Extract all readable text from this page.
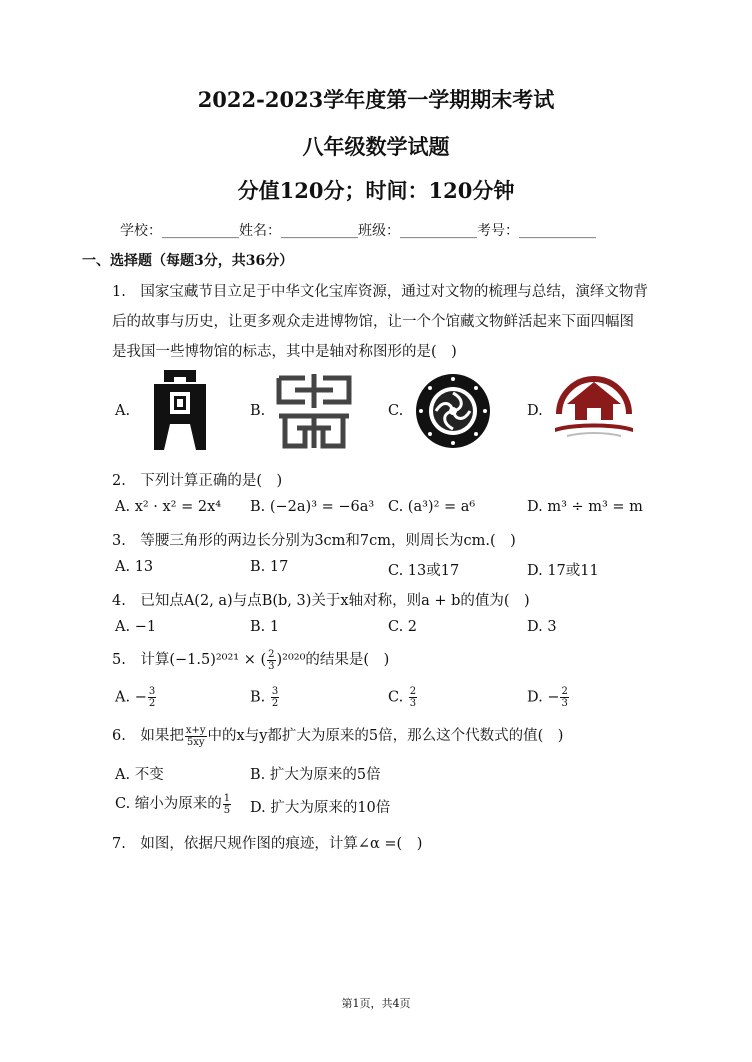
2022-2023学年度第一学期期末考试
八年级数学试题
分值120分；时间：120分钟
学校：___________姓名：___________班级：___________考号：___________
一、选择题（每题3分，共36分）
1.　国家宝藏节目立足于中华文化宝库资源，通过对文物的梳理与总结，演绎文物背
后的故事与历史，让更多观众走进博物馆，让一个个馆藏文物鲜活起来下面四幅图
是我国一些博物馆的标志，其中是轴对称图形的是(　)
A.	B.	C.	D.
2.　下列计算正确的是(　)
A. x² · x² = 2x⁴ B. (−2a)³ = −6a³ C. (a³)² = a⁶	D. m³ ÷ m³ = m
3.　等腰三角形的两边长分别为3cm和7cm，则周长为cm.(　)
A. 13	B. 17	C. 13或17	D. 17或11
4.　已知点A(2, a)与点B(b, 3)关于x轴对称，则a + b的值为(　)
A. −1	B. 1	C. 2	D. 3
5.　计算(−1.5)²⁰²¹ × ( $\frac{2}{3} )^{2020}$的结果是(　)
A. − $\frac{3}{2}$	B. $\frac{3}{2}$	C. $\frac{2}{3}$	D. − $\frac{2}{3}$
6.　如果把 $\frac{x+y}{5xy}$ 中的x与y都扩大为原来的5倍，那么这个代数式的值(　)
A. 不变	B. 扩大为原来的5倍
C. 缩小为原来的 $\frac{1}{5} D$. 扩大为原来的10倍
7.　如图，依据尺规作图的痕迹，计算∠α =(　)
第1页，共4页
